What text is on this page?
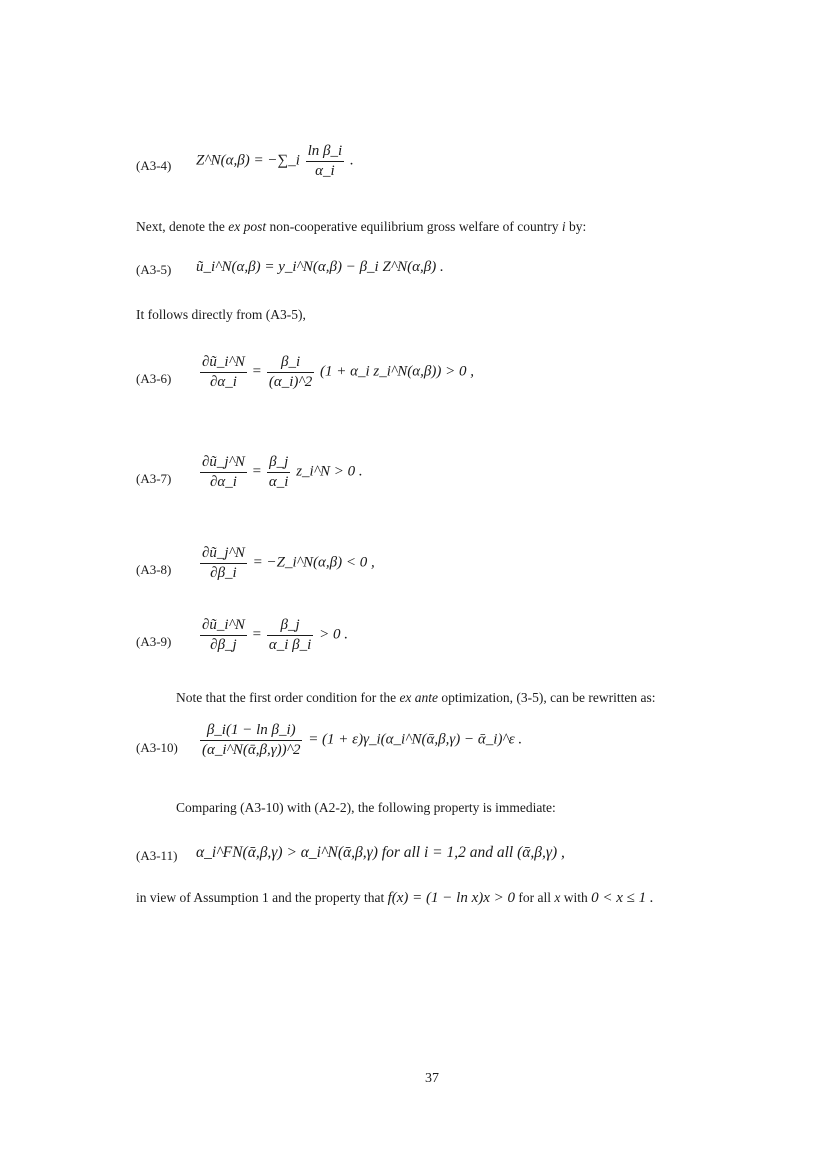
(A3-4) Z^N(α,β) = −∑_i $\frac{\text{ln β\_i}}{\alpha\_i}$ .
Next, denote the ex post non-cooperative equilibrium gross welfare of country i by:
(A3-5) ũ_i^N(α,β) = y_i^N(α,β) − β_i Z^N(α,β) .
It follows directly from (A3-5),
$(A3-6) \frac{\partial ũ\_i\^{}N}{\partial\alpha\_i} = \frac{\beta\_i}{(\alpha\_i)\^{}2} (1$ + α_i z_i^N(α,β)) > 0 ,
$(A3-7) \frac{\partial ũ\_j\^{}N}{\partial\alpha\_i} = \frac{\beta\_j}{\alpha\_i}$ z_i^N > 0 .
$(A3-8) \frac{\partial ũ\_j\^{}N}{\partial\beta\_i}$ = −Z_i^N(α,β) < 0 ,
$(A3-9) \frac{\partial ũ\_i\^{}N}{\partial\beta\_j} = \frac{\beta\_j}{\text{α\_i β\_i}} > 0$ .
Note that the first order condition for the ex ante optimization, (3-5), can be rewritten as:
$(A3-10) \frac{\text{β\_i(1 − ln β\_i)}}{\text{(α\_i\textasciicircum{}N(ᾱ,β,γ))\textasciicircum{}2}} = (1$ + ε)γ_i(α_i^N(ᾱ,β,γ) − ᾱ_i)^ε .
Comparing (A3-10) with (A2-2), the following property is immediate:
(A3-11) α_i^FN(ᾱ,β,γ) > α_i^N(ᾱ,β,γ) for all i = 1,2 and all (ᾱ,β,γ) ,
in view of Assumption 1 and the property that f(x) = (1 − ln x)x > 0 for all x with 0 < x ≤ 1 .
37
